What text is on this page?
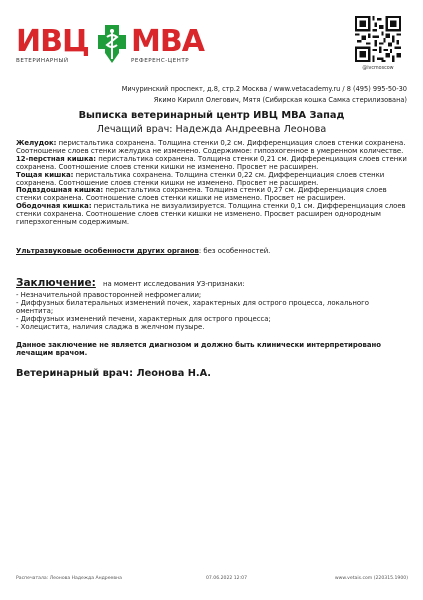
ИВЦ МВА
ВЕТЕРИНАРНЫЙ	РЕФЕРЕНС-ЦЕНТР
@ivcmoscow
Мичуринский проспект, д.8, стр.2 Москва / www.vetacademy.ru / 8 (495) 995-50-30
Якимо Кирилл Олегович, Мятя (Сибирская кошка Самка стерилизована)
Выписка ветеринарный центр ИВЦ МВА Запад
Лечащий врач: Надежда Андреевна Леонова

Желудок: перистальтика сохранена. Толщина стенки 0,2 см. Дифференциация слоев стенки сохранена. Соотношение слоев стенки желудка не изменено. Содержимое: гипоэхогенное в умеренном количестве.

12-перстная кишка: перистальтика сохранена. Толщина стенки 0,21 см. Дифференциация слоев стенки сохранена. Соотношение слоев стенки кишки не изменено. Просвет не расширен.

Тощая кишка: перистальтика сохранена. Толщина стенки 0,22 см. Дифференциация слоев стенки сохранена. Соотношение слоев стенки кишки не изменено. Просвет не расширен.

Подвздошная кишка: перистальтика сохранена. Толщина стенки 0,27 см. Дифференциация слоев стенки сохранена. Соотношение слоев стенки кишки не изменено. Просвет не расширен.

Ободочная кишка: перистальтика не визуализируется. Толщина стенки 0,1 см. Дифференциация слоев стенки сохранена. Соотношение слоев стенки кишки не изменено. Просвет расширен однородным гиперэхогенным содержимым.

Ультразвуковые особенности других органов: без особенностей.
Заключение: на момент исследования УЗ-признаки:
- Незначительной правосторонней нефромегалии;
- Диффузных билатеральных изменений почек, характерных для острого процесса, локального оментита;
- Диффузных изменений печени, характерных для острого процесса;
- Холецистита, наличия сладжа в желчном пузыре.
Данное заключение не является диагнозом и должно быть клинически интерпретировано лечащим врачом.
Ветеринарный врач: Леонова Н.А.
Распечатала: Леонова Надежда Андреевна	07.06.2022 12:07	www.vetais.com (220315.1900)
